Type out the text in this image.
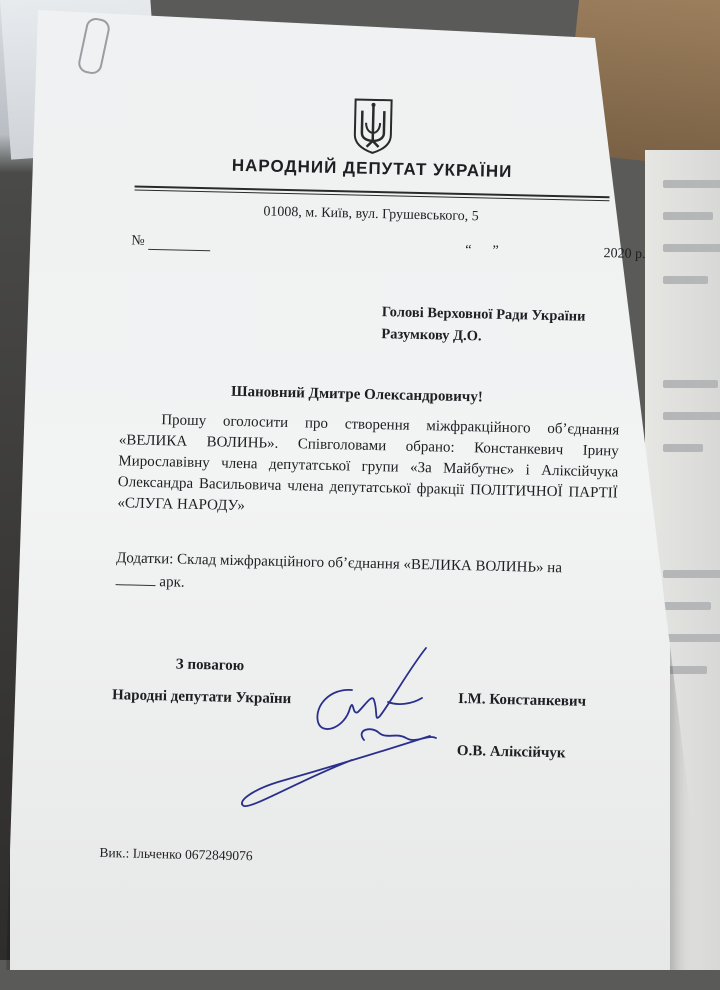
НАРОДНИЙ ДЕПУТАТ УКРАЇНИ
01008, м. Київ, вул. Грушевського, 5
№
“      ”                              2020 р.
Голові Верховної Ради України
Разумкову Д.О.
Шановний Дмитре Олександровичу!
Прошу оголосити про створення міжфракційного об’єднання «ВЕЛИКА ВОЛИНЬ». Співголовами обрано: Констанкевич Ірину Мирославівну члена депутатської групи «За Майбутнє» і Аліксійчука Олександра Васильовича члена депутатської фракції ПОЛІТИЧНОЇ ПАРТІЇ «СЛУГА НАРОДУ»
Додатки: Склад міжфракційного об’єднання «ВЕЛИКА ВОЛИНЬ» на
арк.
З повагою
Народні депутати України	І.М. Констанкевич
О.В. Аліксійчук
Вик.: Ільченко 0672849076
